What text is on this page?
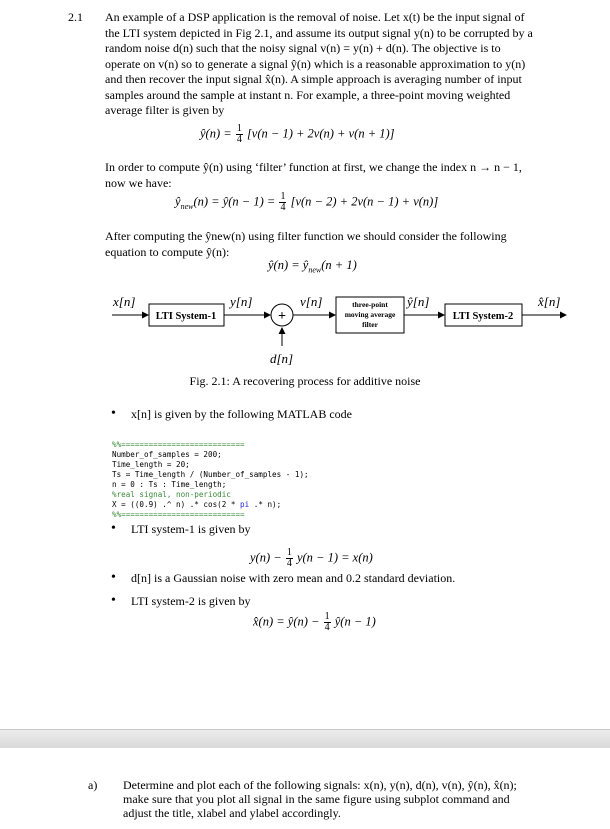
2.1 An example of a DSP application is the removal of noise. Let x(t) be the input signal of
the LTI system depicted in Fig 2.1, and assume its output signal y(n) to be corrupted by a
random noise d(n) such that the noisy signal v(n) = y(n) + d(n). The objective is to
operate on v(n) so to generate a signal ŷ(n) which is a reasonable approximation to y(n)
and then recover the input signal x̂(n). A simple approach is averaging number of input
samples around the sample at instant n. For example, a three-point moving weighted
average filter is given by
ŷ(n) = $\frac{1}{4} [v(n - 1) + 2v(n) + v(n + 1)]$
In order to compute ŷ(n) using ‘filter’ function at first, we change the index n → n − 1,
now we have:
$ŷ_{new}(n)$ = ŷ(n − $1) = \frac{1}{4} [v(n - 2) + 2v(n - 1) + v(n)]$
After computing the ŷnew(n) using filter function we should consider the following
equation to compute ŷ(n):
ŷ(n) = $ŷ_{new}(n + 1)$
x[n]
LTI System-1
y[n]
+
d[n]
v[n]	three-point
moving average
filter
ŷ[n]
LTI System-2
x̂[n]
Fig. 2.1: A recovering process for additive noise
• x[n] is given by the following MATLAB code
%%===========================
Number_of_samples = 200;
Time_length = 20;
Ts = Time_length / (Number_of_samples - 1);
n = 0 : Ts : Time_length;
%real signal, non-periodic
X = ((0.9) .^ n) .* cos(2 * pi .* n);
%%===========================
• LTI system-1 is given by
$y(n) - \frac{1}{4} y(n - 1) = x(n)$
• d[n] is a Gaussian noise with zero mean and 0.2 standard deviation.
• LTI system-2 is given by
x̂(n) = ŷ(n) − $\frac{1}{4}$ ŷ(n − 1)
a) Determine and plot each of the following signals: x(n), y(n), d(n), v(n), ŷ(n), x̂(n);
make sure that you plot all signal in the same figure using subplot command and
adjust the title, xlabel and ylabel accordingly.
